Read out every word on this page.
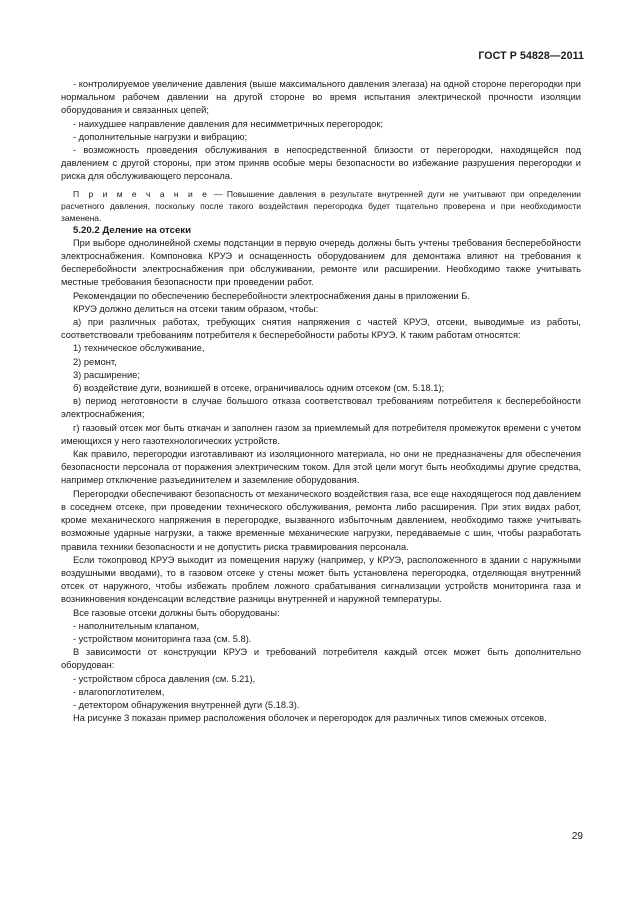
ГОСТ Р 54828—2011

- контролируемое увеличение давления (выше максимального давления элегаза) на одной стороне перегородки при нормальном рабочем давлении на другой стороне во время испытания электрической прочности изоляции оборудования и связанных цепей;

- наихудшее направление давления для несимметричных перегородок;

- дополнительные нагрузки и вибрацию;

- возможность проведения обслуживания в непосредственной близости от перегородки, находящейся под давлением с другой стороны, при этом приняв особые меры безопасности во избежание разрушения перегородки и риска для обслуживающего персонала.

П р и м е ч а н и е — Повышение давления в результате внутренней дуги не учитывают при определении расчетного давления, поскольку после такого воздействия перегородка будет тщательно проверена и при необходимости заменена.

5.20.2 Деление на отсеки

При выборе однолинейной схемы подстанции в первую очередь должны быть учтены требования бесперебойности электроснабжения. Компоновка КРУЭ и оснащенность оборудованием для демонтажа влияют на требования к бесперебойности электроснабжения при обслуживании, ремонте или расширении. Необходимо также учитывать местные требования безопасности при проведении работ.

Рекомендации по обеспечению бесперебойности электроснабжения даны в приложении Б.

КРУЭ должно делиться на отсеки таким образом, чтобы:

а) при различных работах, требующих снятия напряжения с частей КРУЭ, отсеки, выводимые из работы, соответствовали требованиям потребителя к бесперебойности работы КРУЭ. К таким работам относятся:

1) техническое обслуживание,

2) ремонт,

3) расширение;

б) воздействие дуги, возникшей в отсеке, ограничивалось одним отсеком (см. 5.18.1);

в) период неготовности в случае большого отказа соответствовал требованиям потребителя к бесперебойности электроснабжения;

г) газовый отсек мог быть откачан и заполнен газом за приемлемый для потребителя промежуток времени с учетом имеющихся у него газотехнологических устройств.

Как правило, перегородки изготавливают из изоляционного материала, но они не предназначены для обеспечения безопасности персонала от поражения электрическим током. Для этой цели могут быть необходимы другие средства, например отключение разъединителем и заземление оборудования.

Перегородки обеспечивают безопасность от механического воздействия газа, все еще находящегося под давлением в соседнем отсеке, при проведении технического обслуживания, ремонта либо расширения. При этих видах работ, кроме механического напряжения в перегородке, вызванного избыточным давлением, необходимо также учитывать возможные ударные нагрузки, а также временные механические нагрузки, передаваемые с шин, чтобы разработать правила техники безопасности и не допустить риска травмирования персонала.

Если токопровод КРУЭ выходит из помещения наружу (например, у КРУЭ, расположенного в здании с наружными воздушными вводами), то в газовом отсеке у стены может быть установлена перегородка, отделяющая внутренний отсек от наружного, чтобы избежать проблем ложного срабатывания сигнализации устройств мониторинга газа и возникновения конденсации вследствие разницы внутренней и наружной температуры.

Все газовые отсеки должны быть оборудованы:

- наполнительным клапаном,

- устройством мониторинга газа (см. 5.8).

В зависимости от конструкции КРУЭ и требований потребителя каждый отсек может быть дополнительно оборудован:

- устройством сброса давления (см. 5.21),

- влагопоглотителем,

- детектором обнаружения внутренней дуги (5.18.3).

На рисунке 3 показан пример расположения оболочек и перегородок для различных типов смежных отсеков.

29
